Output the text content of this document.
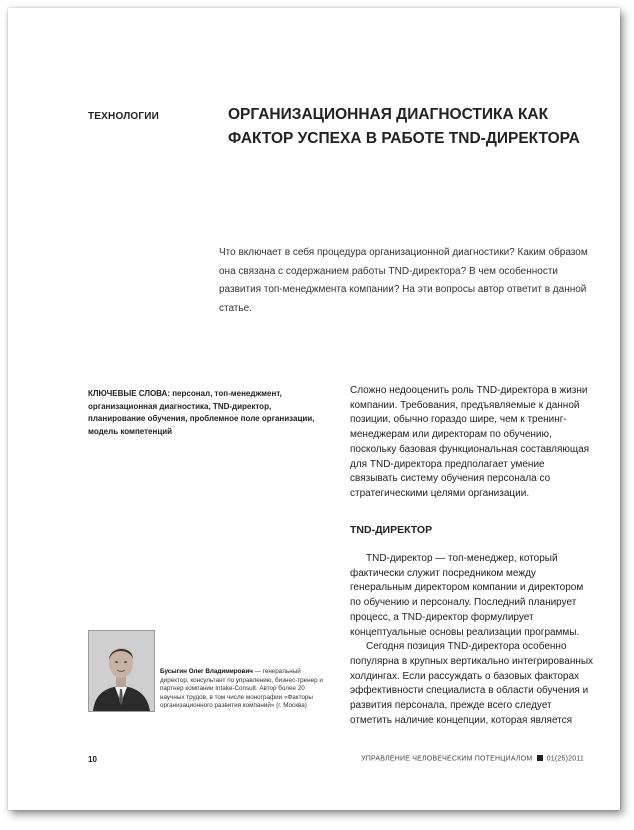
ТЕХНОЛОГИИ	ОРГАНИЗАЦИОННАЯ ДИАГНОСТИКА КАК
ФАКТОР УСПЕХА В РАБОТЕ TND-ДИРЕКТОРА
Что включает в себя процедура организационной диагностики? Каким образом она связана с содержанием работы TND-директора? В чем особенности развития топ-менеджмента компании? На эти вопросы автор ответит в данной статье.
КЛЮЧЕВЫЕ СЛОВА: персонал, топ-менеджмент, организационная диагностика, TND-директор, планирование обучения, проблемное поле организации, модель компетенций

Сложно недооценить роль TND-директора в жизни компании. Требования, предъявляемые к данной позиции, обычно гораздо шире, чем к тренинг-менеджерам или директорам по обучению, поскольку базовая функциональная составляющая для TND-директора предполагает умение связывать систему обучения персонала со стратегическими целями организации.

TND-ДИРЕКТОР

TND-директор — топ-менеджер, который фактически служит посредником между генеральным директором компании и директором по обучению и персоналу. Последний планирует процесс, а TND-директор формулирует концептуальные основы реализации программы.

Сегодня позиция TND-директора особенно популярна в крупных вертикально интегрированных холдингах. Если рассуждать о базовых факторах эффективности специалиста в области обучения и развития персонала, прежде всего следует отметить наличие концепции, которая является

Бусыгин Олег Владимирович — генеральный директор, консультант по управлению, бизнес-тренер и партнер компании Intake-Consult. Автор более 20 научных трудов, в том числе монографии «Факторы организационного развития компаний» (г. Москва)
10	УПРАВЛЕНИЕ ЧЕЛОВЕЧЕСКИМ ПОТЕНЦИАЛОМ 01(25)2011
